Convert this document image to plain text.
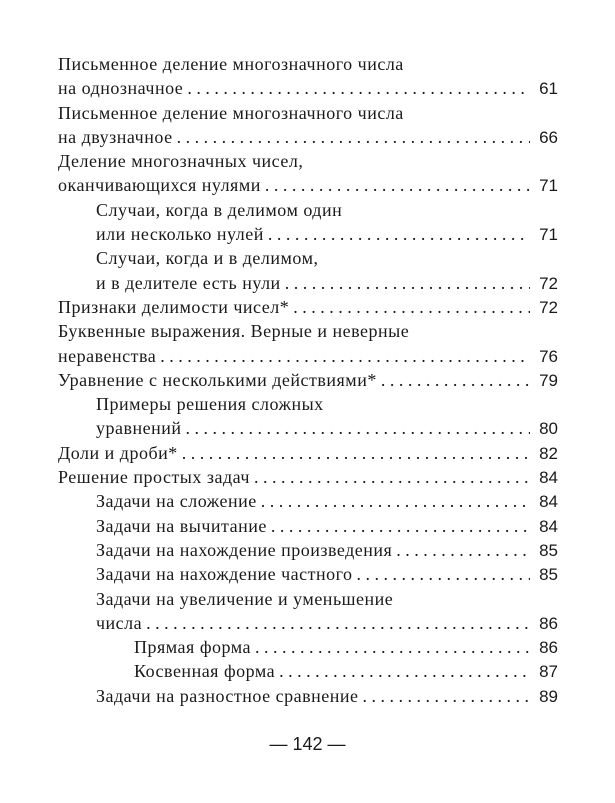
Письменное деление многозначного числа
на однозначное . . .	61
Письменное деление многозначного числа
на двузначное . . .	66
Деление многозначных чисел,
оканчивающихся нулями . . .	71
Случаи, когда в делимом один
или несколько нулей . . .	71
Случаи, когда и в делимом,
и в делителе есть нули . . .	72
Признаки делимости чисел* . . .	72
Буквенные выражения. Верные и неверные
неравенства . . .	76
Уравнение с несколькими действиями* . . .	79
Примеры решения сложных
уравнений . . .	80
Доли и дроби* . . .	82
Решение простых задач . . .	84
Задачи на сложение . . .	84
Задачи на вычитание . . .	84
Задачи на нахождение произведения . . .	85
Задачи на нахождение частного . . .	85
Задачи на увеличение и уменьшение
числа . . .	86
Прямая форма . . .	86
Косвенная форма . . .	87
Задачи на разностное сравнение . . .	89
— 142 —
